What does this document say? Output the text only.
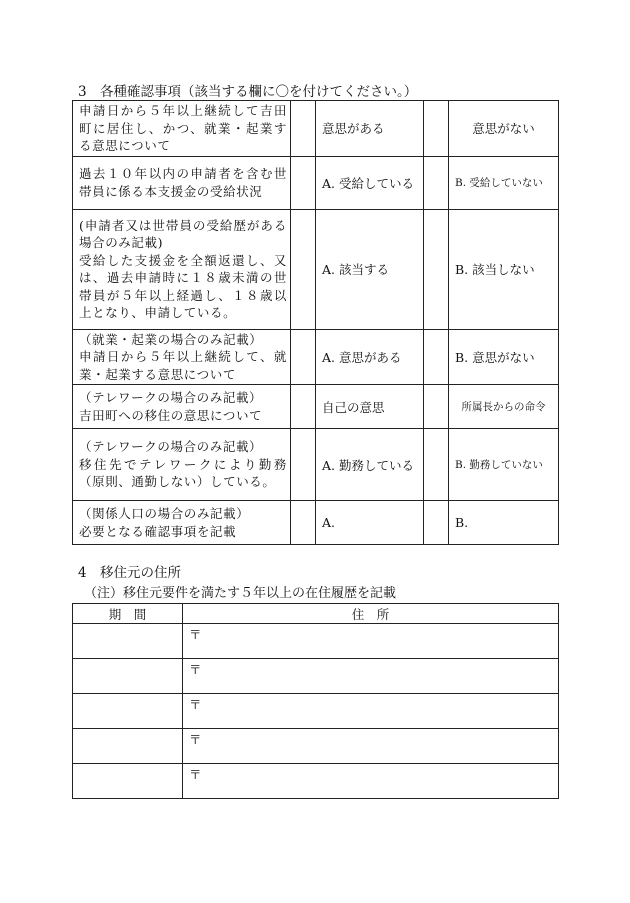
3 各種確認事項（該当する欄に〇を付けてください。）
申請日から５年以上継続して吉田町に居住し、かつ、就業・起業する意思について		意思がある		意思がない
過去１０年以内の申請者を含む世帯員に係る本支援金の受給状況		A. 受給している		B. 受給していない
(申請者又は世帯員の受給歴がある場合のみ記載)
受給した支援金を全額返還し、又は、過去申請時に１８歳未満の世帯員が５年以上経過し、１８歳以上となり、申請している。		A. 該当する		B. 該当しない
（就業・起業の場合のみ記載）
申請日から５年以上継続して、就業・起業する意思について		A. 意思がある		B. 意思がない
（テレワークの場合のみ記載）
吉田町への移住の意思について		自己の意思		所属長からの命令
（テレワークの場合のみ記載）
移住先でテレワークにより勤務（原則、通勤しない）している。		A. 勤務している		B. 勤務していない
（関係人口の場合のみ記載）
必要となる確認事項を記載		A.		B.
4 移住元の住所
（注）移住元要件を満たす５年以上の在住履歴を記載
期　間	住　所
	〒
	〒
	〒
	〒
	〒
